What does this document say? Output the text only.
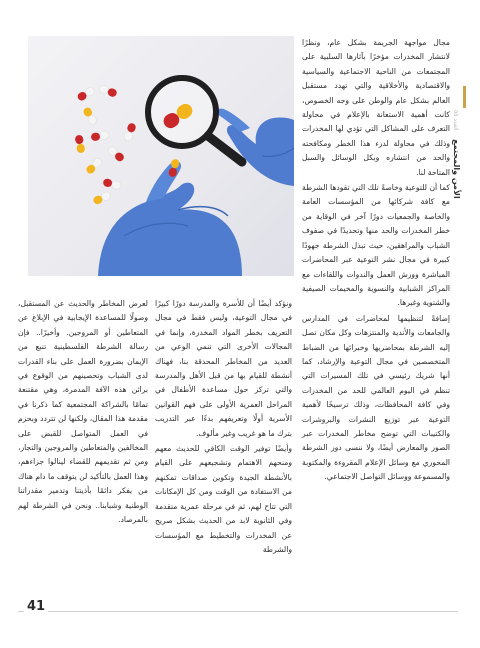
مجال مواجهة الجريمة بشكل عام، ونظرًا لانتشار المخدرات مؤخرًا بآثارها السلبية على المجتمعات من الناحية الاجتماعية والسياسية والاقتصادية والأخلاقية والتي تهدد مستقبل العالم بشكل عام والوطن على وجه الخصوص، كانت أهمية الاستعانة بالإعلام في محاولة التعرف على المشاكل التي تؤدي لها المخدرات وذلك في محاولة لدرء هذا الخطر ومكافحته والحد من انتشاره وبكل الوسائل والسبل المتاحة لنا.

كما أن للتوعية وخاصةً تلك التي تقودها الشرطة مع كافة شركائها من المؤسسات العامة والخاصة والجمعيات دورًا آخر في الوقاية من خطر المخدرات والحد منها وتحديدًا في صفوف الشباب والمراهقين، حيث تبذل الشرطة جهودًا كبيرة في مجال نشر التوعية عبر المحاضرات المباشرة وورش العمل والندوات واللقاءات مع المراكز الشبابية والنسوية والمخيمات الصيفية والشتوية وغيرها.

إضافةً لتنظيمها لمحاضرات في المدارس والجامعات والأندية والمنتزهات وكل مكان تصل إليه الشرطة بمحاضريها وخبرائها من الضباط المتخصصين في مجال التوعية والإرشاد، كما أنها شريك رئيسي في تلك المسيرات التي تنظم في اليوم العالمي للحد من المخدرات وفي كافة المحافظات، وذلك ترسيخًا لأهمية التوعية عبر توزيع النشرات والبروشرات والكتيبات التي توضح مخاطر المخدرات عبر الصور والمعارض أيضًا، ولا ننسى دور الشرطة المحوري مع وسائل الإعلام المقروءة والمكتوبة والمسموعة ووسائل التواصل الاجتماعي.

ونؤكد أيضًا أن للأسرة والمدرسة دورًا كبيرًا في مجال التوعية، وليس فقط في مجال التعريف بخطر المواد المخدرة، وإنما في المجالات الأخرى التي تنمي الوعي من العديد من المخاطر المحدقة بنا، فهناك أنشطة للقيام بها من قبل الأهل والمدرسة والتي تركز حول مساعدة الأطفال في المراحل العمرية الأولى على فهم القوانين الأسرية أولًا وتعريفهم بدءًا عبر التدريب بترك ما هو غريب وغير مألوف.

وأيضًا توفير الوقت الكافي للحديث معهم ومنحهم الاهتمام وتشجيعهم على القيام بالأنشطة الجيدة وتكوين صداقات تمكنهم من الاستفادة من الوقت ومن كل الإمكانات التي تتاح لهم، ثم في مرحلة عمرية متقدمة وفي الثانوية لابد من الحديث بشكل صريح عن المخدرات والتخطيط مع المؤسسات والشرطة

لعرض المخاطر والحديث عن المستقبل، وصولًا للمساعدة الإيجابية في الإبلاغ عن المتعاطين أو المروجين. وأخيرًا.. فإن رسالة الشرطة الفلسطينية تنبع من الإيمان بضرورة العمل على بناء القدرات لدى الشباب وتحصينهم من الوقوع في براثن هذه الآفة المدمرة، وهي مقتنعة تمامًا بالشراكة المجتمعية كما ذكرنا في مقدمة هذا المقال، ولكنها لن تتردد وبحزم في العمل المتواصل للقبض على المخالفين والمتعاطين والمروجين والتجار، ومن ثم تقديمهم للقضاء لينالوا جزاءهم، وهذا العمل بالتأكيد لن يتوقف ما دام هناك من يفكر دائمًا بأذيتنا وتدمير مقدراتنا الوطنية وشبابنا.. ونحن في الشرطة لهم بالمرصاد.

الأمن والمجتمع العدد ٥٥
41
